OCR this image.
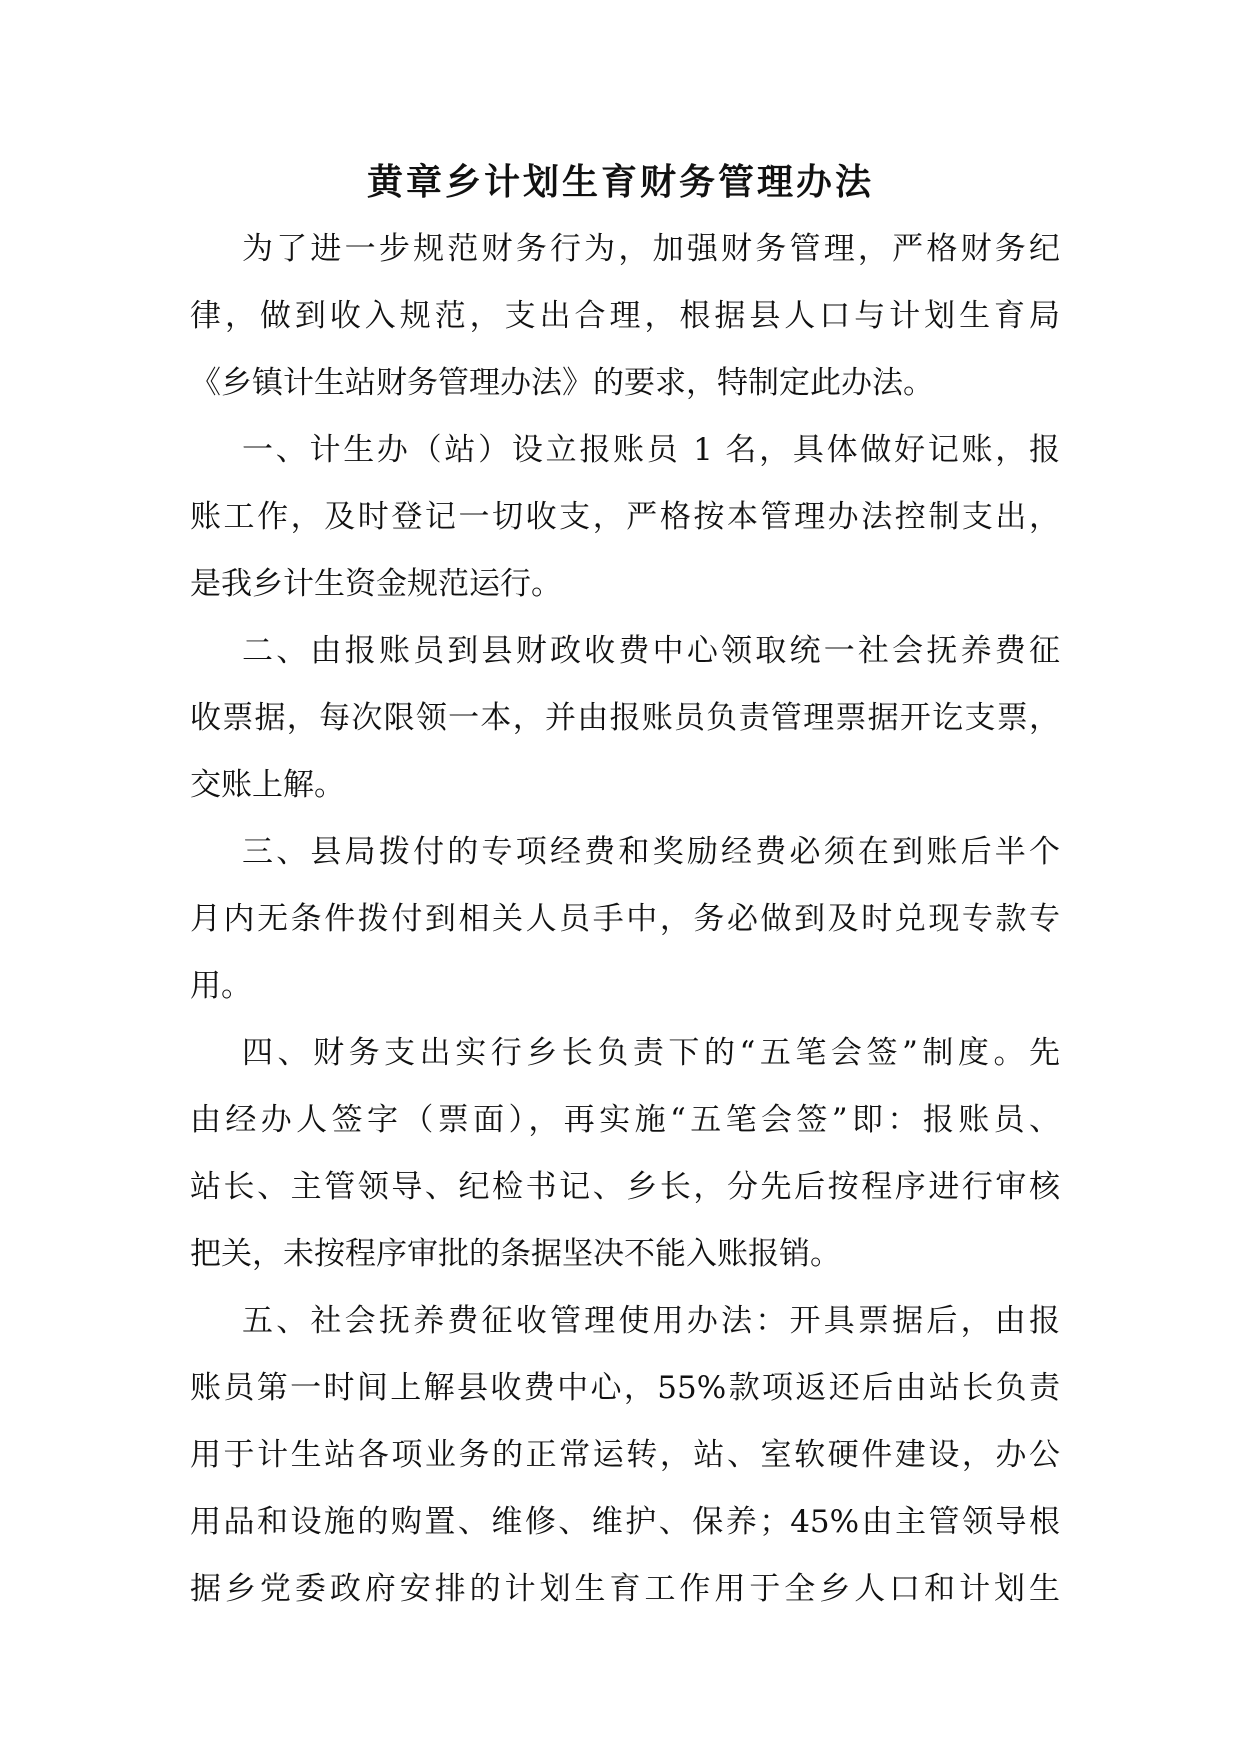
黄章乡计划生育财务管理办法
为了进一步规范财务行为，加强财务管理，严格财务纪
律，做到收入规范，支出合理，根据县人口与计划生育局
《乡镇计生站财务管理办法》的要求，特制定此办法。
一、计生办（站）设立报账员 1 名，具体做好记账，报
账工作，及时登记一切收支，严格按本管理办法控制支出，
是我乡计生资金规范运行。
二、由报账员到县财政收费中心领取统一社会抚养费征
收票据，每次限领一本，并由报账员负责管理票据开讫支票，
交账上解。
三、县局拨付的专项经费和奖励经费必须在到账后半个
月内无条件拨付到相关人员手中，务必做到及时兑现专款专
用。
四、财务支出实行乡长负责下的“五笔会签”制度。先
由经办人签字（票面），再实施“五笔会签”即：报账员、
站长、主管领导、纪检书记、乡长，分先后按程序进行审核
把关，未按程序审批的条据坚决不能入账报销。
五、社会抚养费征收管理使用办法：开具票据后，由报
账员第一时间上解县收费中心，55%款项返还后由站长负责
用于计生站各项业务的正常运转，站、室软硬件建设，办公
用品和设施的购置、维修、维护、保养；45%由主管领导根
据乡党委政府安排的计划生育工作用于全乡人口和计划生
